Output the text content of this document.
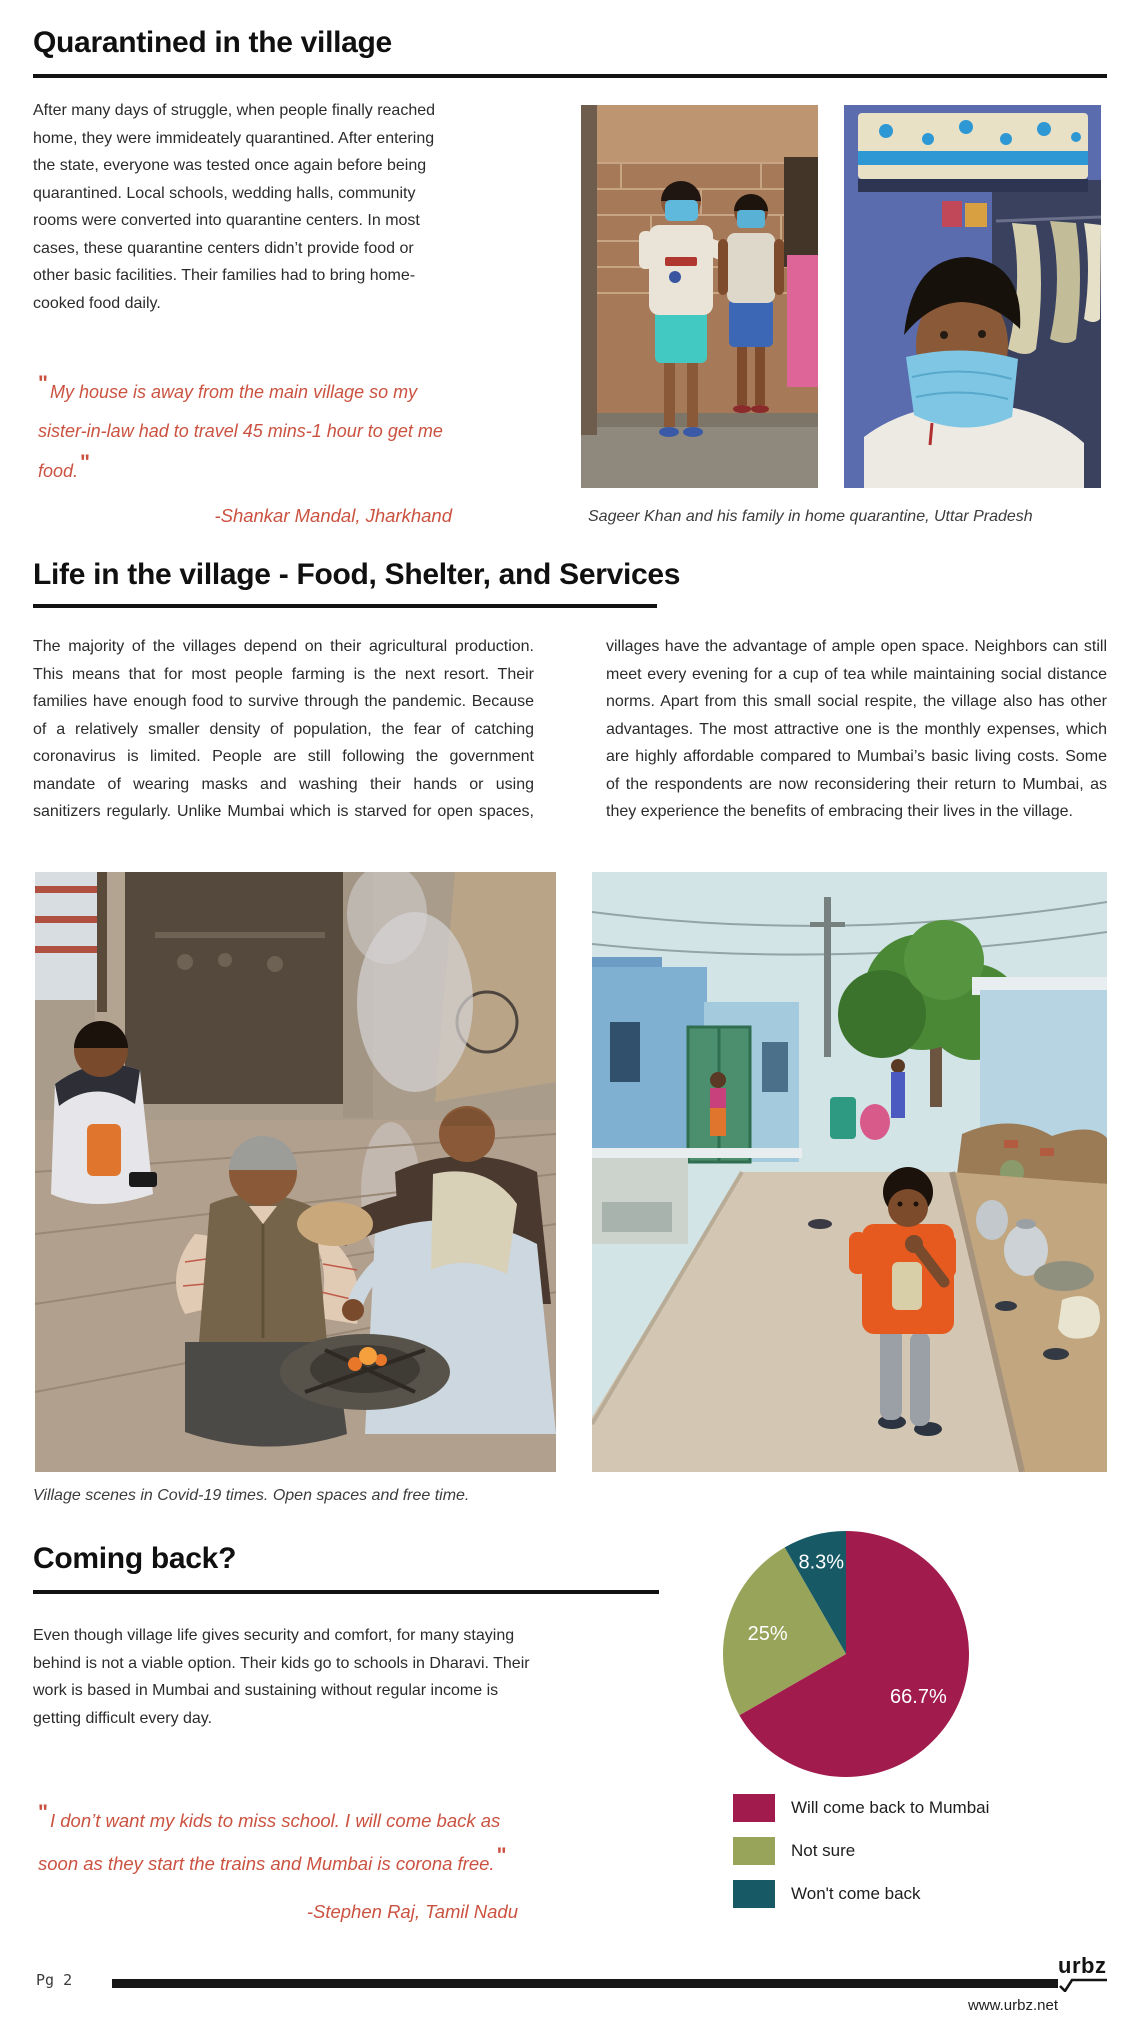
Quarantined in the village
After many days of struggle, when people finally reached home, they were immideately quarantined. After entering the state, everyone was tested once again before being quarantined. Local schools, wedding halls, community rooms were converted into quarantine centers. In most cases, these quarantine centers didn’t provide food or other basic facilities. Their families had to bring home-cooked food daily.
" My house is away from the main village so my sister-in-law had to travel 45 mins-1 hour to get me food."
-Shankar Mandal, Jharkhand	Sageer Khan and his family in home quarantine, Uttar Pradesh
Life in the village - Food, Shelter, and Services
The majority of the villages depend on their agricultural production. This means that for most people farming is the next resort. Their families have enough food to survive through the pandemic. Because of a relatively smaller density of population, the fear of catching coronavirus is limited. People are still following the government mandate of wearing masks and washing their hands or using sanitizers regularly. Unlike Mumbai which is starved for open spaces, villages have the advantage of ample open space. Neighbors can still meet every evening for a cup of tea while maintaining social distance norms. Apart from this small social respite, the village also has other advantages. The most attractive one is the monthly expenses, which are highly affordable compared to Mumbai’s basic living costs. Some of the respondents are now reconsidering their return to Mumbai, as they experience the benefits of embracing their lives in the village.
Village scenes in Covid-19 times. Open spaces and free time.
Coming back?
Even though village life gives security and comfort, for many staying behind is not a viable option. Their kids go to schools in Dharavi. Their work is based in Mumbai and sustaining without regular income is getting difficult every day.
66.7%
25%
8.3%
Will come back to Mumbai
Not sure
Won't come back
" I don’t want my kids to miss school. I will come back as soon as they start the trains and Mumbai is corona free."
-Stephen Raj, Tamil Nadu
Pg 2
urbz
www.urbz.net
